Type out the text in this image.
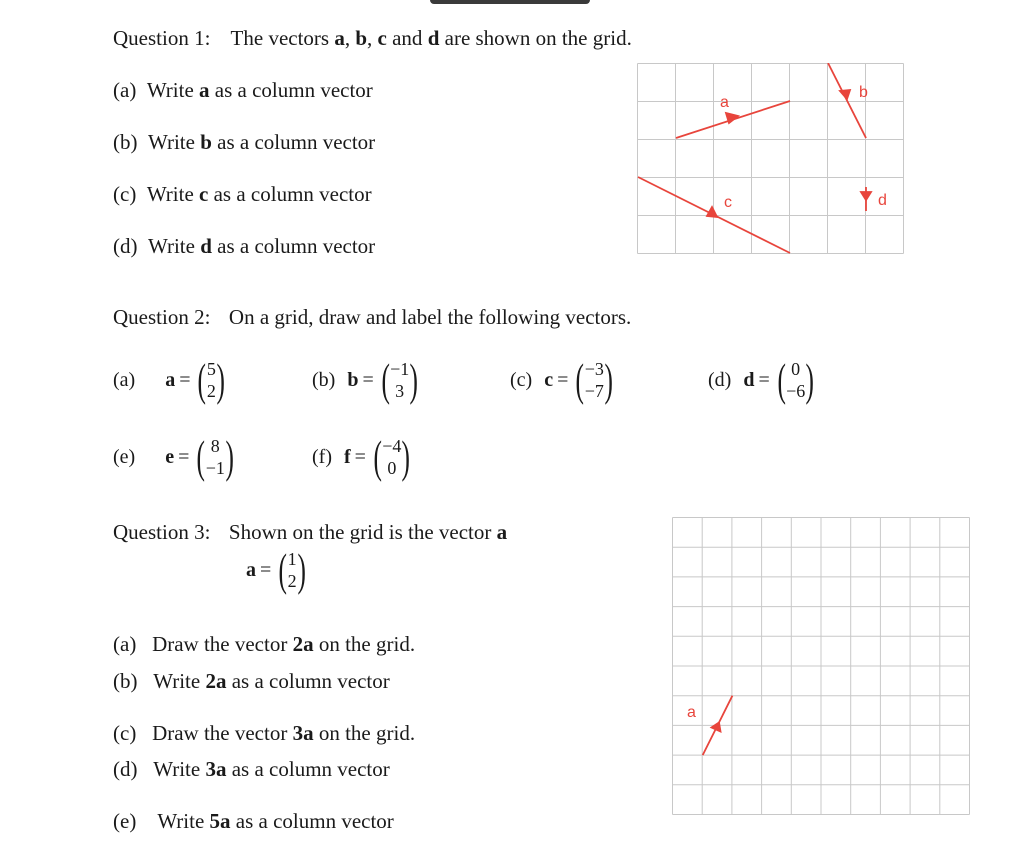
Question 1: The vectors a, b, c and d are shown on the grid.
(a) Write a as a column vector
(b) Write b as a column vector
(c) Write c as a column vector
(d) Write d as a column vector
a
b
c	d
Question 2: On a grid, draw and label the following vectors.
(a) a = ( 5
2 )	(b) b = ( −1
3 )	(c) c = ( −3
−7 )	(d) d = ( 0
−6 )
(e) e = ( 8
−1 )	(f) f = ( −4
0 )
Question 3: Shown on the grid is the vector a
a = ( 1
2 )
(a) Draw the vector 2a on the grid.
(b) Write 2a as a column vector
(c) Draw the vector 3a on the grid.
(d) Write 3a as a column vector
(e) Write 5a as a column vector
a
